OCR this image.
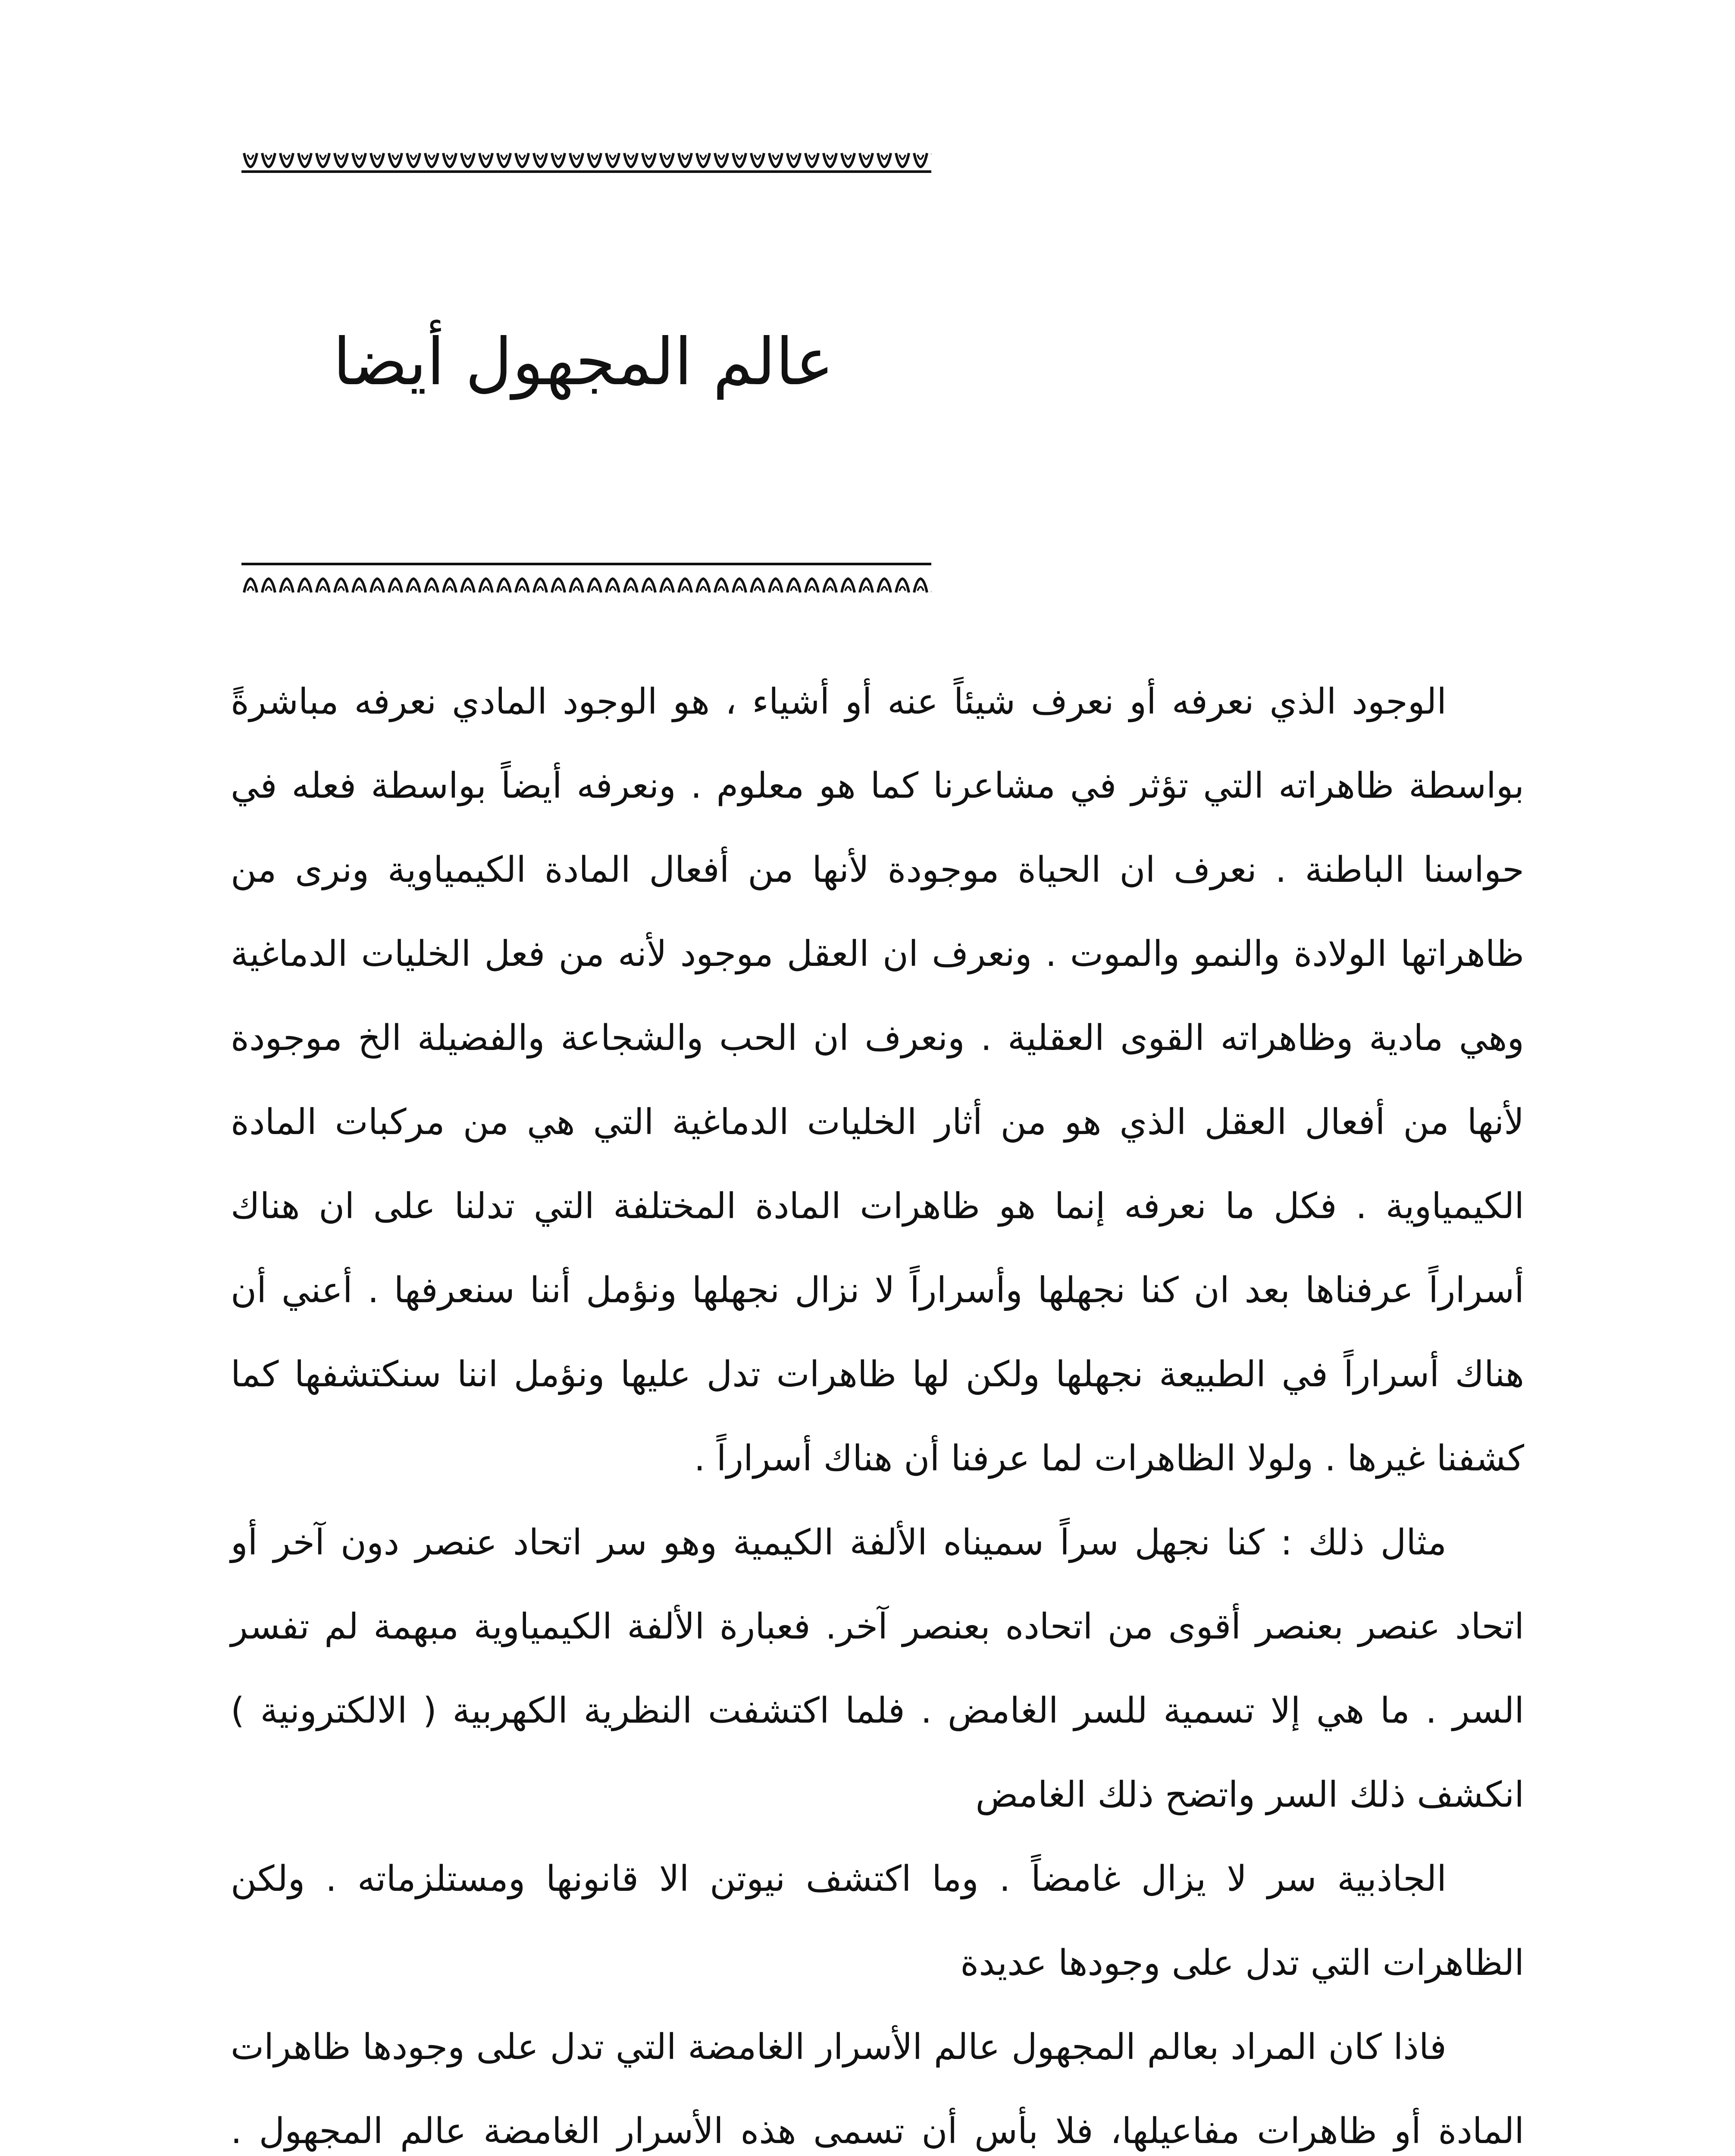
عالم المجهول أيضا

الوجود الذي نعرفه أو نعرف شيئاً عنه أو أشياء ، هو الوجود المادي نعرفه مباشرةً بواسطة ظاهراته التي تؤثر في مشاعرنا كما هو معلوم . ونعرفه أيضاً بواسطة فعله في حواسنا الباطنة . نعرف ان الحياة موجودة لأنها من أفعال المادة الكيمياوية ونرى من ظاهراتها الولادة والنمو والموت . ونعرف ان العقل موجود لأنه من فعل الخليات الدماغية وهي مادية وظاهراته القوى العقلية . ونعرف ان الحب والشجاعة والفضيلة الخ موجودة لأنها من أفعال العقل الذي هو من أثار الخليات الدماغية التي هي من مركبات المادة الكيمياوية . فكل ما نعرفه إنما هو ظاهرات المادة المختلفة التي تدلنا على ان هناك أسراراً عرفناها بعد ان كنا نجهلها وأسراراً لا نزال نجهلها ونؤمل أننا سنعرفها . أعني أن هناك أسراراً في الطبيعة نجهلها ولكن لها ظاهرات تدل عليها ونؤمل اننا سنكتشفها كما كشفنا غيرها . ولولا الظاهرات لما عرفنا أن هناك أسراراً .

مثال ذلك : كنا نجهل سراً سميناه الألفة الكيمية وهو سر اتحاد عنصر دون آخر أو اتحاد عنصر بعنصر أقوى من اتحاده بعنصر آخر. فعبارة الألفة الكيمياوية مبهمة لم تفسر السر . ما هي إلا تسمية للسر الغامض . فلما اكتشفت النظرية الكهربية ( الالكترونية ) انكشف ذلك السر واتضح ذلك الغامض

الجاذبية سر لا يزال غامضاً . وما اكتشف نيوتن الا قانونها ومستلزماته . ولكن الظاهرات التي تدل على وجودها عديدة

فاذا كان المراد بعالم المجهول عالم الأسرار الغامضة التي تدل على وجودها ظاهرات المادة أو ظاهرات مفاعيلها، فلا بأس أن تسمى هذه الأسرار الغامضة عالم المجهول .
